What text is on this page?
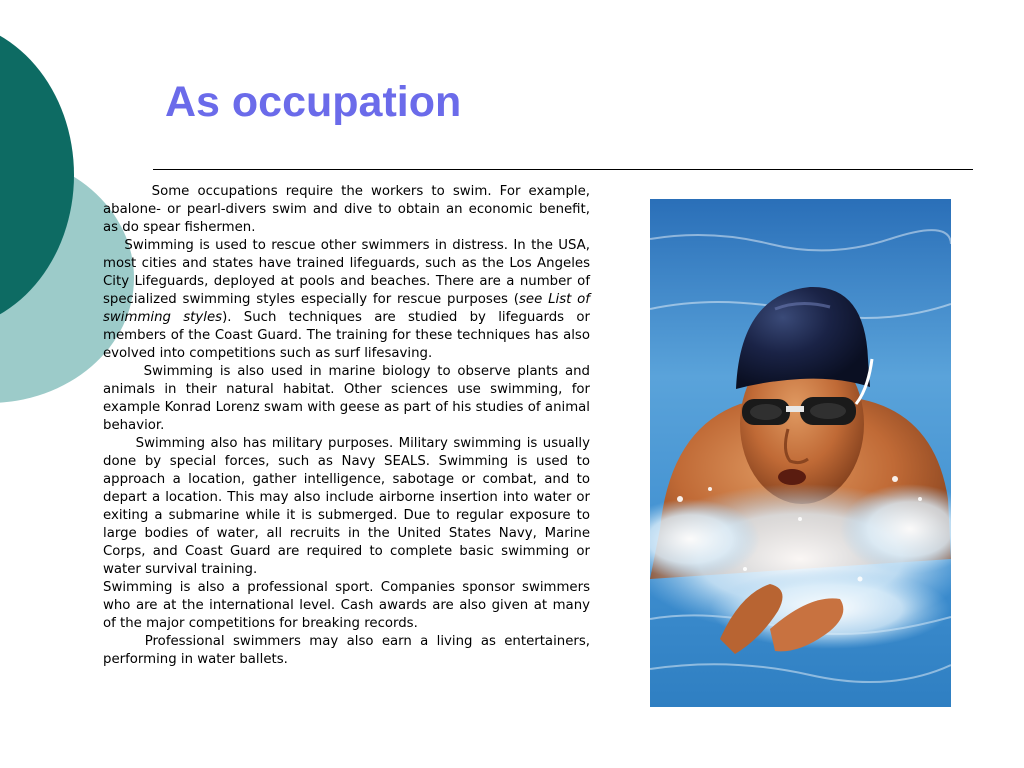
As occupation

Some occupations require the workers to swim. For example, abalone- or pearl-divers swim and dive to obtain an economic benefit, as do spear fishermen.

Swimming is used to rescue other swimmers in distress. In the USA, most cities and states have trained lifeguards, such as the Los Angeles City Lifeguards, deployed at pools and beaches. There are a number of specialized swimming styles especially for rescue purposes (see List of swimming styles). Such techniques are studied by lifeguards or members of the Coast Guard. The training for these techniques has also evolved into competitions such as surf lifesaving.

Swimming is also used in marine biology to observe plants and animals in their natural habitat. Other sciences use swimming, for example Konrad Lorenz swam with geese as part of his studies of animal behavior.

Swimming also has military purposes. Military swimming is usually done by special forces, such as Navy SEALS. Swimming is used to approach a location, gather intelligence, sabotage or combat, and to depart a location. This may also include airborne insertion into water or exiting a submarine while it is submerged. Due to regular exposure to large bodies of water, all recruits in the United States Navy, Marine Corps, and Coast Guard are required to complete basic swimming or water survival training.

Swimming is also a professional sport. Companies sponsor swimmers who are at the international level. Cash awards are also given at many of the major competitions for breaking records.

Professional swimmers may also earn a living as entertainers, performing in water ballets.
